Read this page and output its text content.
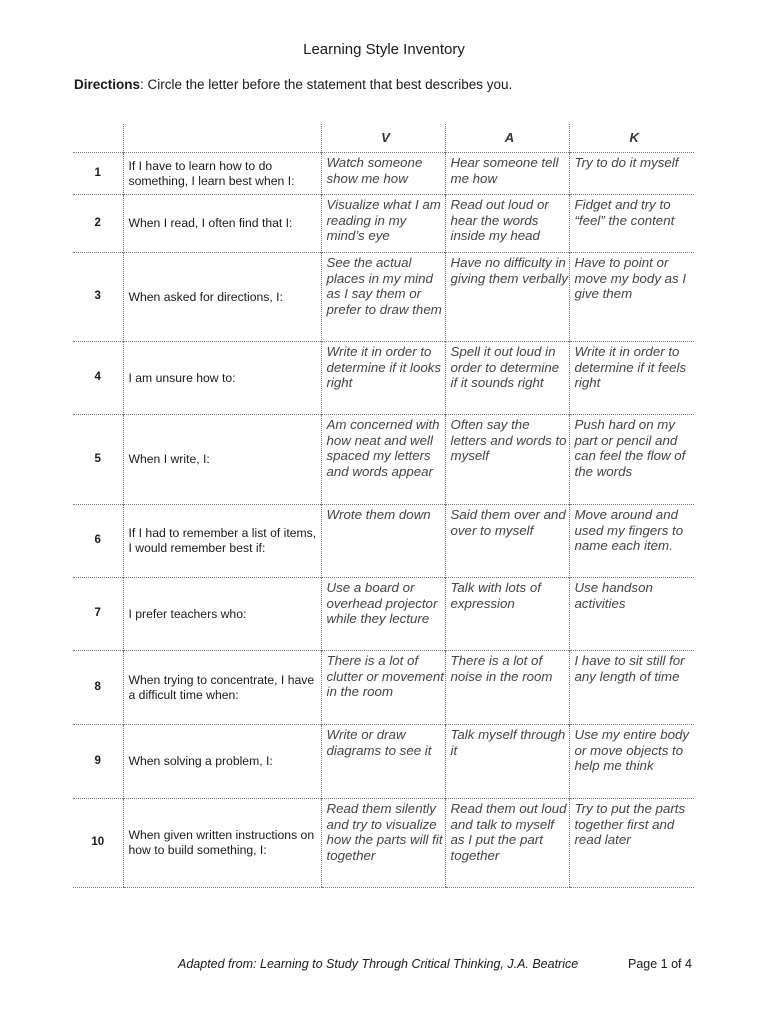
Learning Style Inventory
Directions: Circle the letter before the statement that best describes you.
		V	A	K
1	If I have to learn how to do something, I learn best when I:	Watch someone show me how	Hear someone tell me how	Try to do it myself
2	When I read, I often find that I:	Visualize what I am reading in my mind’s eye	Read out loud or hear the words inside my head	Fidget and try to “feel” the content
3	When asked for directions, I:	See the actual places in my mind as I say them or prefer to draw them	Have no difficulty in giving them verbally	Have to point or move my body as I give them
4	I am unsure how to:	Write it in order to determine if it looks right	Spell it out loud in order to determine if it sounds right	Write it in order to determine if it feels right
5	When I write, I:	Am concerned with how neat and well spaced my letters and words appear	Often say the letters and words to myself	Push hard on my part or pencil and can feel the flow of the words
6	If I had to remember a list of items, I would remember best if:	Wrote them down	Said them over and over to myself	Move around and used my fingers to name each item.
7	I prefer teachers who:	Use a board or overhead projector while they lecture	Talk with lots of expression	Use handson activities
8	When trying to concentrate, I have a difficult time when:	There is a lot of clutter or movement in the room	There is a lot of noise in the room	I have to sit still for any length of time
9	When solving a problem, I:	Write or draw diagrams to see it	Talk myself through it	Use my entire body or move objects to help me think
10	When given written instructions on how to build something, I:	Read them silently and try to visualize how the parts will fit together	Read them out loud and talk to myself as I put the part together	Try to put the parts together first and read later
Adapted from: Learning to Study Through Critical Thinking, J.A. Beatrice	Page 1 of 4
